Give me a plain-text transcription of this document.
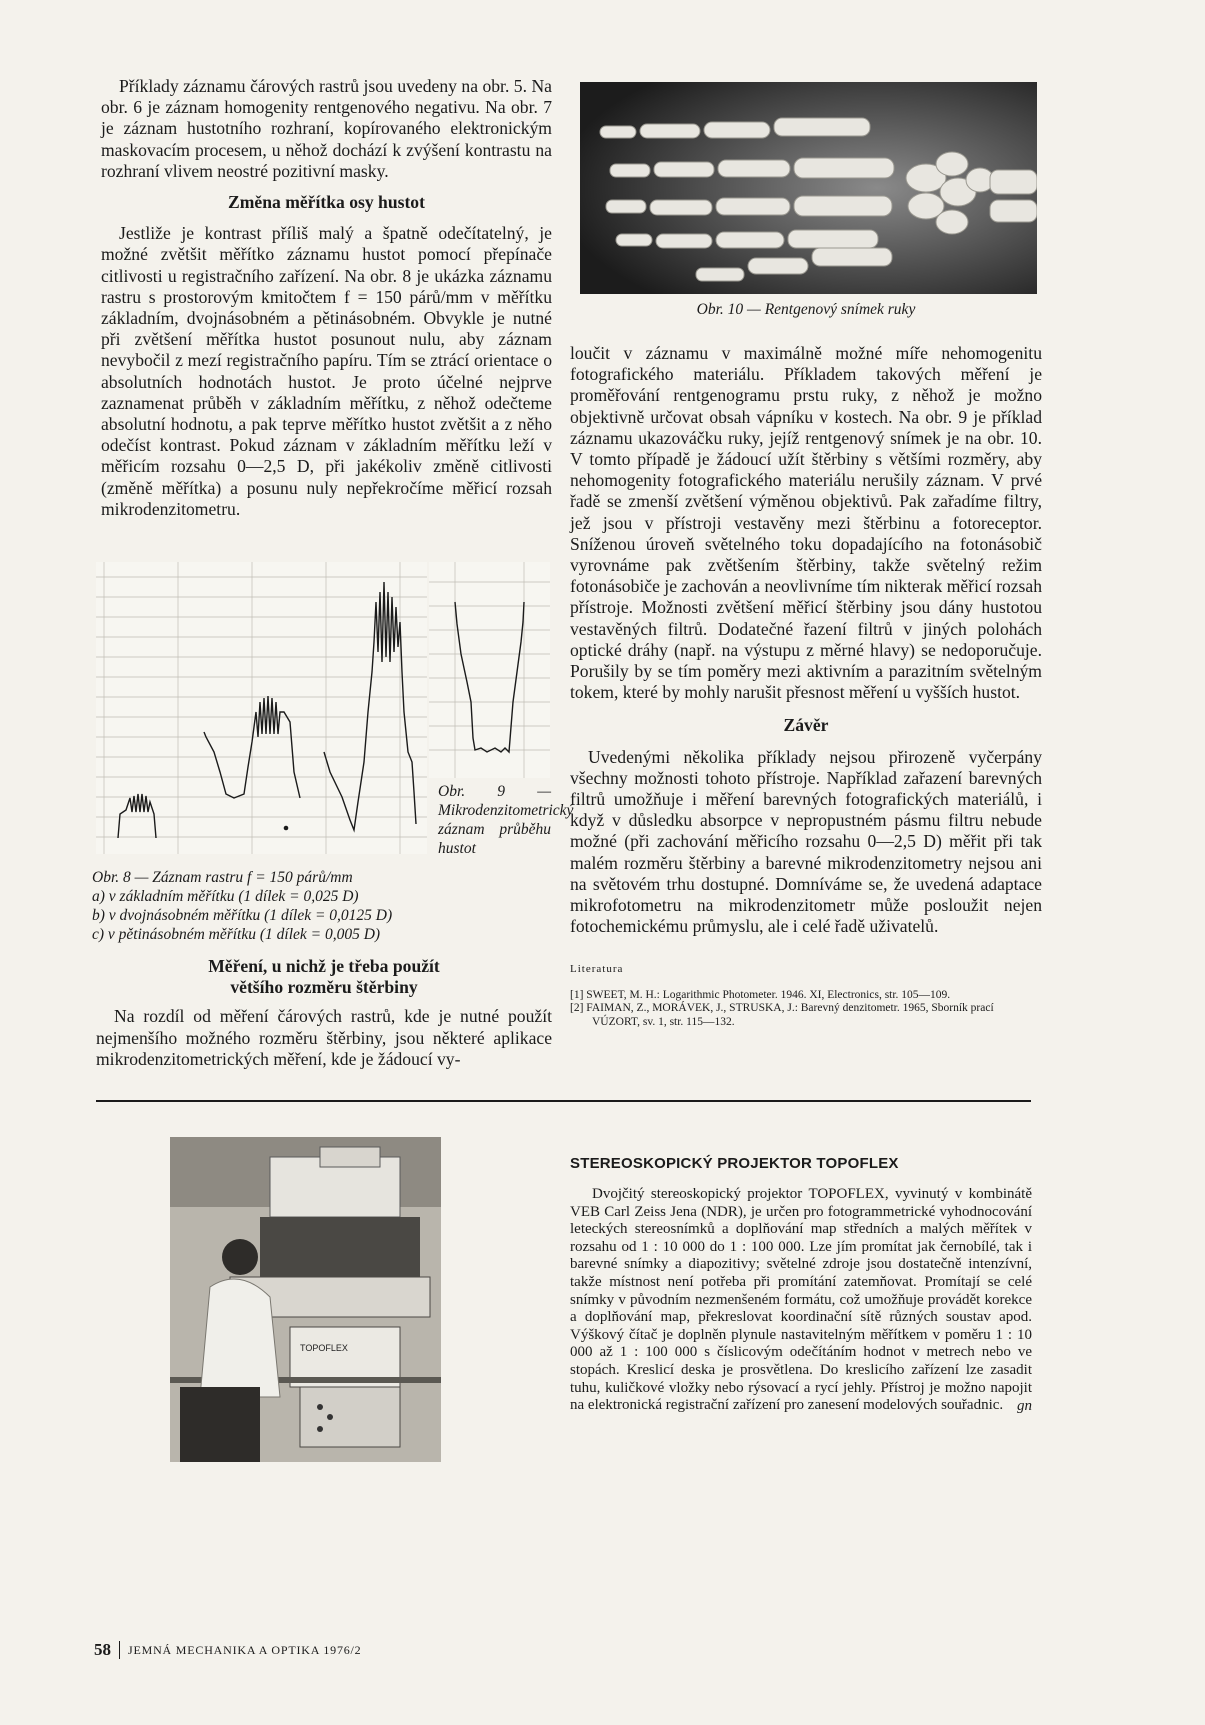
Příklady záznamu čárových rastrů jsou uvedeny na obr. 5. Na obr. 6 je záznam homogenity rentgenového negativu. Na obr. 7 je záznam hustotního rozhraní, kopírovaného elektronickým maskovacím procesem, u něhož dochází k zvýšení kontrastu na rozhraní vlivem neostré pozitivní masky.

Změna měřítka osy hustot

Jestliže je kontrast příliš malý a špatně odečítatelný, je možné zvětšit měřítko záznamu hustot pomocí přepínače citlivosti u registračního zařízení. Na obr. 8 je ukázka záznamu rastru s prostorovým kmitočtem f = 150 párů/mm v měřítku základním, dvojnásobném a pětinásobném. Obvykle je nutné při zvětšení měřítka hustot posunout nulu, aby záznam nevybočil z mezí registračního papíru. Tím se ztrácí orientace o absolutních hodnotách hustot. Je proto účelné nejprve zaznamenat průběh v základním měřítku, z něhož odečteme absolutní hodnotu, a pak teprve měřítko hustot zvětšit a z něho odečíst kontrast. Pokud záznam v základním měřítku leží v měřicím rozsahu 0—2,5 D, při jakékoliv změně citlivosti (změně měřítka) a posunu nuly nepřekročíme měřicí rozsah mikrodenzitometru.

Obr. 9 — Mikrodenzitometrický záznam průběhu hustot
Obr. 8 — Záznam rastru f = 150 párů/mm
a) v základním měřítku (1 dílek = 0,025 D)
b) v dvojnásobném měřítku (1 dílek = 0,0125 D)
c) v pětinásobném měřítku (1 dílek = 0,005 D)
Měření, u nichž je třeba použít
většího rozměru štěrbiny

Na rozdíl od měření čárových rastrů, kde je nutné použít nejmenšího možného rozměru štěrbiny, jsou některé aplikace mikrodenzitometrických měření, kde je žádoucí vy-

Obr. 10 — Rentgenový snímek ruky

loučit v záznamu v maximálně možné míře nehomogenitu fotografického materiálu. Příkladem takových měření je proměřování rentgenogramu prstu ruky, z něhož je možno objektivně určovat obsah vápníku v kostech. Na obr. 9 je příklad záznamu ukazováčku ruky, jejíž rentgenový snímek je na obr. 10. V tomto případě je žádoucí užít štěrbiny s většími rozměry, aby nehomogenity fotografického materiálu nerušily záznam. V prvé řadě se zmenší zvětšení výměnou objektivů. Pak zařadíme filtry, jež jsou v přístroji vestavěny mezi štěrbinu a fotoreceptor. Sníženou úroveň světelného toku dopadajícího na fotonásobič vyrovnáme pak zvětšením štěrbiny, takže světelný režim fotonásobiče je zachován a neovlivníme tím nikterak měřicí rozsah přístroje. Možnosti zvětšení měřicí štěrbiny jsou dány hustotou vestavěných filtrů. Dodatečné řazení filtrů v jiných polohách optické dráhy (např. na výstupu z měrné hlavy) se nedoporučuje. Porušily by se tím poměry mezi aktivním a parazitním světelným tokem, které by mohly narušit přesnost měření u vyšších hustot.

Závěr

Uvedenými několika příklady nejsou přirozeně vyčerpány všechny možnosti tohoto přístroje. Například zařazení barevných filtrů umožňuje i měření barevných fotografických materiálů, i když v důsledku absorpce v nepropustném pásmu filtru nebude možné (při zachování měřicího rozsahu 0—2,5 D) měřit při tak malém rozměru štěrbiny a barevné mikrodenzitometry nejsou ani na světovém trhu dostupné. Domníváme se, že uvedená adaptace mikrofotometru na mikrodenzitometr může posloužit nejen fotochemickému průmyslu, ale i celé řadě uživatelů.

Literatura
[1] SWEET, M. H.: Logarithmic Photometer. 1946. XI, Electronics, str. 105—109.
[2] FAIMAN, Z., MORÁVEK, J., STRUSKA, J.: Barevný denzitometr. 1965, Sborník prací VÚZORT, sv. 1, str. 115—132.
TOPOFLEX
STEREOSKOPICKÝ PROJEKTOR TOPOFLEX

Dvojčitý stereoskopický projektor TOPOFLEX, vyvinutý v kombinátě VEB Carl Zeiss Jena (NDR), je určen pro fotogrammetrické vyhodnocování leteckých stereosnímků a doplňování map středních a malých měřítek v rozsahu od 1 : 10 000 do 1 : 100 000. Lze jím promítat jak černobílé, tak i barevné snímky a diapozitivy; světelné zdroje jsou dostatečně intenzívní, takže místnost není potřeba při promítání zatemňovat. Promítají se celé snímky v původním nezmenšeném formátu, což umožňuje provádět korekce a doplňování map, překreslovat koordinační sítě různých soustav apod. Výškový čítač je doplněn plynule nastavitelným měřítkem v poměru 1 : 10 000 až 1 : 100 000 s číslicovým odečítáním hodnot v metrech nebo ve stopách. Kreslicí deska je prosvětlena. Do kreslicího zařízení lze zasadit tuhu, kuličkové vložky nebo rýsovací a rycí jehly. Přístroj je možno napojit na elektronická registrační zařízení pro zanesení modelových souřadnic. gn
58 JEMNÁ MECHANIKA A OPTIKA 1976/2
